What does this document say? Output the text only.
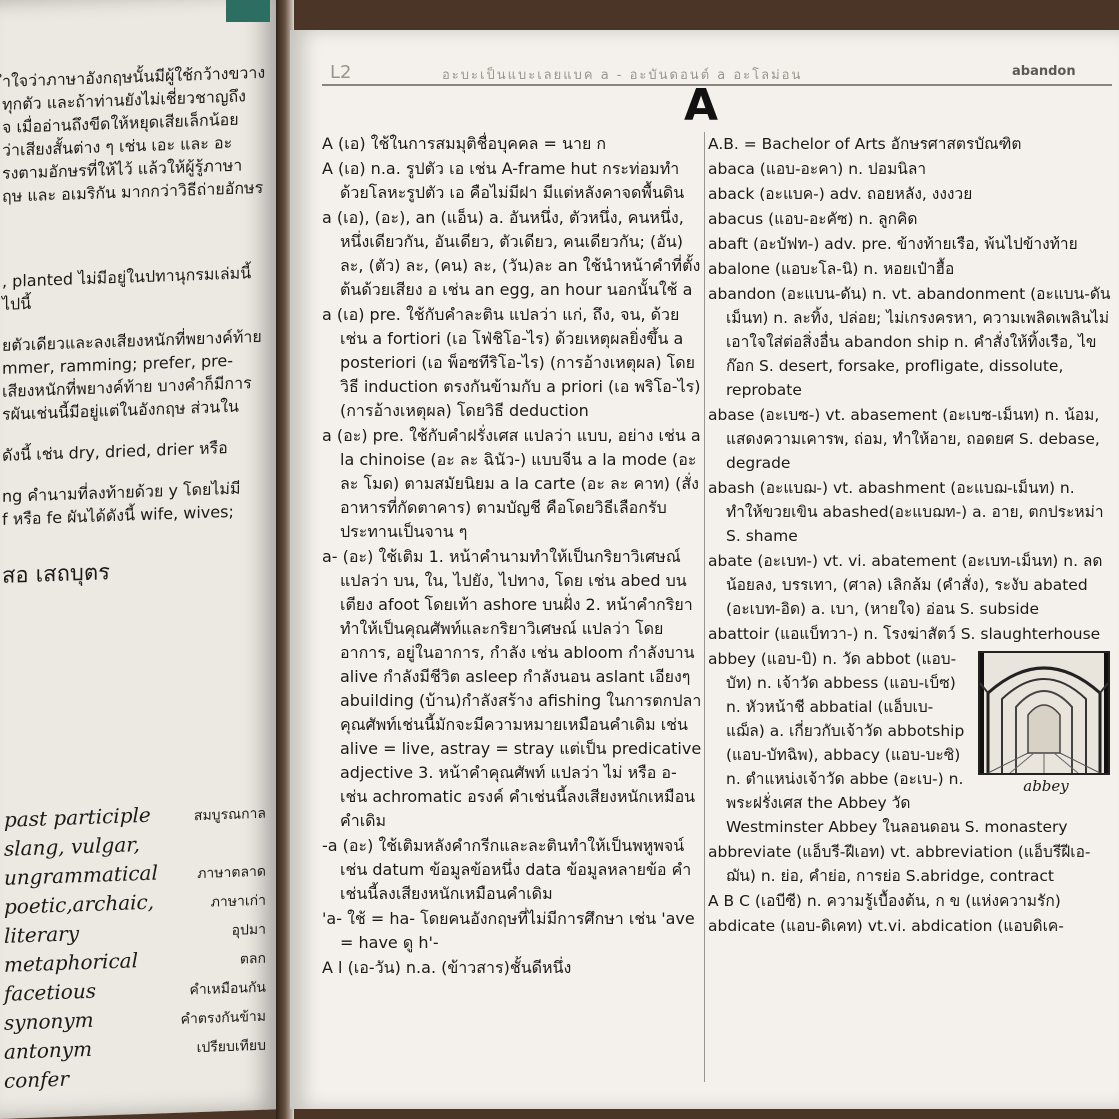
ำใจว่าภาษาอังกฤษนั้นมีผู้ใช้กว้างขวาง
ทุกตัว และถ้าท่านยังไม่เชี่ยวชาญถึง
จ เมื่ออ่านถึงขีดให้หยุดเสียเล็กน้อย
ว่าเสียงสั้นต่าง ๆ เช่น เอะ และ อะ
รงตามอักษรที่ให้ไว้ แล้วให้ผู้รู้ภาษา
ฤษ และ อเมริกัน มากกว่าวิธีถ่ายอักษร
, planted ไม่มีอยู่ในปทานุกรมเล่มนี้
ไปนี้
ยตัวเดียวและลงเสียงหนักที่พยางค์ท้าย
mmer, ramming; prefer, pre-
เสียงหนักที่พยางค์ท้าย บางคำก็มีการ
รผันเช่นนี้มีอยู่แต่ในอังกฤษ ส่วนใน
ดังนี้ เช่น dry, dried, drier หรือ
ng คำนามที่ลงท้ายด้วย y โดยไม่มี
f หรือ fe ผันได้ดังนี้ wife, wives;
สอ เสถบุตร
past participle	สมบูรณกาล
slang, vulgar,
ungrammatical	ภาษาตลาด
poetic,archaic,	ภาษาเก่า
literary	อุปมา
metaphorical	ตลก
facetious	คำเหมือนกัน
synonym	คำตรงกันข้าม
antonym	เปรียบเทียบ
confer
L2	อะบะเป็นแบะเลยแบค a - อะบันดอนต์ a อะโลม่อน	abandon
A
A (เอ) ใช้ในการสมมุติชื่อบุคคล = นาย ก
A (เอ) n.a. รูปตัว เอ เช่น A-frame hut กระท่อมทำด้วยโลหะรูปตัว เอ คือไม่มีฝา มีแต่หลังคาจดพื้นดิน
a (เอ), (อะ), an (แอ็น) a. อันหนึ่ง, ตัวหนึ่ง, คนหนึ่ง, หนึ่งเดียวกัน, อันเดียว, ตัวเดียว, คนเดียวกัน; (อัน) ละ, (ตัว) ละ, (คน) ละ, (วัน)ละ an ใช้นำหน้าคำที่ตั้งต้นด้วยเสียง อ เช่น an egg, an hour นอกนั้นใช้ a
a (เอ) pre. ใช้กับคำละติน แปลว่า แก่, ถึง, จน, ด้วย เช่น a fortiori (เอ โฟ่ชิโอ-ไร) ด้วยเหตุผลยิ่งขึ้น a posteriori (เอ พ็อซทีริโอ-ไร) (การอ้างเหตุผล) โดยวิธี induction ตรงกันข้ามกับ a priori (เอ พริโอ-ไร) (การอ้างเหตุผล) โดยวิธี deduction
a (อะ) pre. ใช้กับคำฝรั่งเศส แปลว่า แบบ, อย่าง เช่น a la chinoise (อะ ละ ฉินัว-) แบบจีน a la mode (อะ ละ โมด) ตามสมัยนิยม a la carte (อะ ละ คาท) (สั่งอาหารที่กัดตาคาร) ตามบัญชี คือโดยวิธีเลือกรับประทานเป็นจาน ๆ
a- (อะ) ใช้เติม 1. หน้าคำนามทำให้เป็นกริยาวิเศษณ์ แปลว่า บน, ใน, ไปยัง, ไปทาง, โดย เช่น abed บนเตียง afoot โดยเท้า ashore บนฝั่ง 2. หน้าคำกริยาทำให้เป็นคุณศัพท์และกริยาวิเศษณ์ แปลว่า โดยอาการ, อยู่ในอาการ, กำลัง เช่น abloom กำลังบาน alive กำลังมีชีวิต asleep กำลังนอน aslant เอียงๆ abuilding (บ้าน)กำลังสร้าง afishing ในการตกปลา คุณศัพท์เช่นนี้มักจะมีความหมายเหมือนคำเดิม เช่น alive = live, astray = stray แต่เป็น predicative adjective 3. หน้าคำคุณศัพท์ แปลว่า ไม่ หรือ อ- เช่น achromatic อรงค์ คำเช่นนี้ลงเสียงหนักเหมือนคำเดิม
-a (อะ) ใช้เติมหลังคำกรีกและละตินทำให้เป็นพหูพจน์ เช่น datum ข้อมูลข้อหนึ่ง data ข้อมูลหลายข้อ คำเช่นนี้ลงเสียงหนักเหมือนคำเดิม
'a- ใช้ = ha- โดยคนอังกฤษที่ไม่มีการศึกษา เช่น 'ave = have ดู h'-
A l (เอ-วัน) n.a. (ข้าวสาร)ชั้นดีหนึ่ง
A.B. = Bachelor of Arts อักษรศาสตรบัณฑิต
abaca (แอบ-อะคา) n. ปอมนิลา
aback (อะแบค-) adv. ถอยหลัง, งงงวย
abacus (แอบ-อะคัซ) n. ลูกคิด
abaft (อะบัฟท-) adv. pre. ข้างท้ายเรือ, พ้นไปข้างท้าย
abalone (แอบะโล-นิ) n. หอยเป๋าฮื้อ
abandon (อะแบน-ดัน) n. vt. abandonment (อะแบน-ดันเม็นท) n. ละทิ้ง, ปล่อย; ไม่เกรงครหา, ความเพลิดเพลินไม่เอาใจใส่ต่อสิ่งอื่น abandon ship n. คำสั่งให้ทิ้งเรือ, ไขก๊อก S. desert, forsake, profligate, dissolute, reprobate
abase (อะเบซ-) vt. abasement (อะเบซ-เม็นท) n. น้อม, แสดงความเคารพ, ถ่อม, ทำให้อาย, ถอดยศ S. debase, degrade
abash (อะแบฌ-) vt. abashment (อะแบฌ-เม็นท) n. ทำให้ขวยเขิน abashed(อะแบฌท-) a. อาย, ตกประหม่า S. shame
abate (อะเบท-) vt. vi. abatement (อะเบท-เม็นท) n. ลดน้อยลง, บรรเทา, (ศาล) เลิกล้ม (คำสั่ง), ระงับ abated (อะเบท-อิด) a. เบา, (หายใจ) อ่อน S. subside
abattoir (แอแบ็ทวา-) n. โรงฆ่าสัตว์ S. slaughterhouse
abbey
abbey (แอบ-บิ) n. วัด abbot (แอบ-บัท) n. เจ้าวัด abbess (แอบ-เบ็ซ) n. หัวหน้าชี abbatial (แอ็บเบ-แฌ็ล) a. เกี่ยวกับเจ้าวัด abbotship (แอบ-บัทฉิพ), abbacy (แอบ-บะซิ) n. ตำแหน่งเจ้าวัด abbe (อะเบ-) n. พระฝรั่งเศส the Abbey วัด Westminster Abbey ในลอนดอน S. monastery
abbreviate (แอ็บรี-ฝีเอท) vt. abbreviation (แอ็บรีฝีเอ-ฌัน) n. ย่อ, คำย่อ, การย่อ S.abridge, contract
A B C (เอบีซี) n. ความรู้เบื้องต้น, ก ข (แห่งความรัก)
abdicate (แอบ-ดิเคท) vt.vi. abdication (แอบดิเค-
